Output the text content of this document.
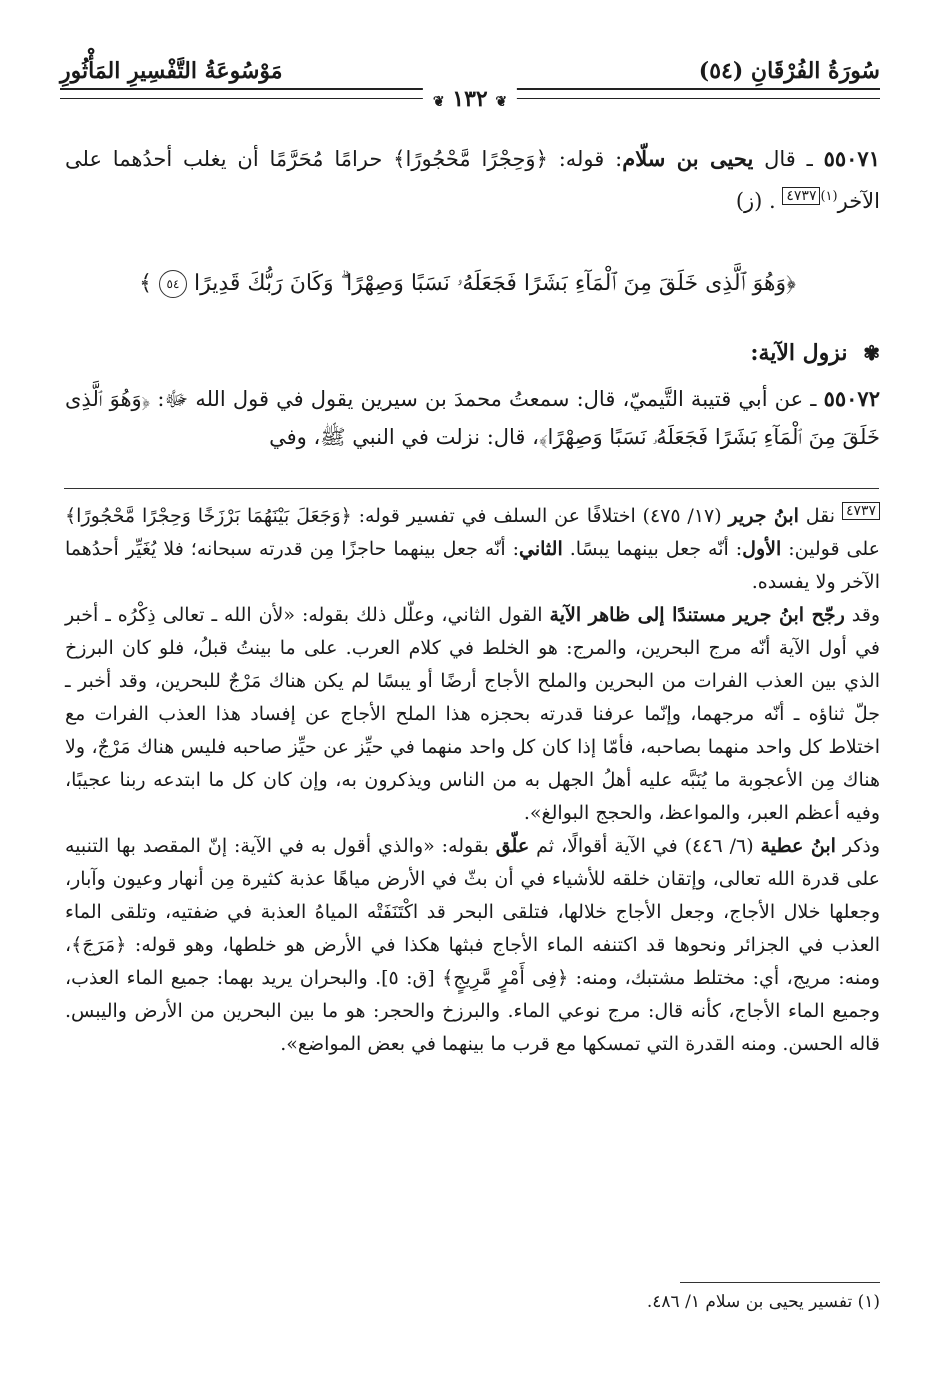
سُورَةُ الفُرْقَانِ (٥٤)
مَوْسُوعَةُ التَّفْسِيرِ المَأْثُورِ
❦ ١٣٢ ❦

٥٥٠٧١ ـ قال يحيى بن سلّام: قوله: ﴿وَحِجْرًا مَّحْجُورًا﴾ حرامًا مُحَرَّمًا أن يغلب أحدُهما على الآخر$^{(١)}$٤٧٣٧ . (ز)

﴿وَهُوَ ٱلَّذِى خَلَقَ مِنَ ٱلْمَآءِ بَشَرًا فَجَعَلَهُۥ نَسَبًا وَصِهْرًا ۗ وَكَانَ رَبُّكَ قَدِيرًا ٥٤ ﴾
✾ نزول الآية:

٥٥٠٧٢ ـ عن أبي قتيبة التَّيميّ، قال: سمعتُ محمدَ بن سيرين يقول في قول الله ﷻ: ﴿وَهُوَ ٱلَّذِى خَلَقَ مِنَ ٱلْمَآءِ بَشَرًا فَجَعَلَهُۥ نَسَبًا وَصِهْرًا﴾، قال: نزلت في النبي ﷺ، وفي

٤٧٣٧ نقل ابنُ جرير (١٧/ ٤٧٥) اختلافًا عن السلف في تفسير قوله: ﴿وَجَعَلَ بَيْنَهُمَا بَرْزَخًا وَحِجْرًا مَّحْجُورًا﴾ على قولين: الأول: أنّه جعل بينهما يبسًا. الثاني: أنّه جعل بينهما حاجزًا مِن قدرته سبحانه؛ فلا يُغَيِّر أحدُهما الآخر ولا يفسده.

وقد رجّح ابنُ جرير مستندًا إلى ظاهر الآية القول الثاني، وعلّل ذلك بقوله: «لأن الله ـ تعالى ذِكْرُه ـ أخبر في أول الآية أنّه مرج البحرين، والمرج: هو الخلط في كلام العرب. على ما بينتُ قبلُ، فلو كان البرزخ الذي بين العذب الفرات من البحرين والملح الأجاج أرضًا أو يبسًا لم يكن هناك مَرْجٌ للبحرين، وقد أخبر ـ جلّ ثناؤه ـ أنّه مرجهما، وإنّما عرفنا قدرته بحجزه هذا الملح الأجاج عن إفساد هذا العذب الفرات مع اختلاط كل واحد منهما بصاحبه، فأمّا إذا كان كل واحد منهما في حيِّز عن حيِّز صاحبه فليس هناك مَرْجٌ، ولا هناك مِن الأعجوبة ما يُنَبَّه عليه أهلُ الجهل به من الناس ويذكرون به، وإن كان كل ما ابتدعه ربنا عجيبًا، وفيه أعظم العبر، والمواعظ، والحجج البوالغ».

وذكر ابنُ عطية (٦/ ٤٤٦) في الآية أقوالًا، ثم علّق بقوله: «والذي أقول به في الآية: إنّ المقصد بها التنبيه على قدرة الله تعالى، وإتقان خلقه للأشياء في أن بثّ في الأرض مياهًا عذبة كثيرة مِن أنهار وعيون وآبار، وجعلها خلال الأجاج، وجعل الأجاج خلالها، فتلقى البحر قد اكْتَنَفَتْه المياهُ العذبة في ضفتيه، وتلقى الماء العذب في الجزائر ونحوها قد اكتنفه الماء الأجاج فبثها هكذا في الأرض هو خلطها، وهو قوله: ﴿مَرَجَ﴾، ومنه: مريج، أي: مختلط مشتبك، ومنه: ﴿فِى أَمْرٍ مَّرِيجٍ﴾ [ق: ٥]. والبحران يريد بهما: جميع الماء العذب، وجميع الماء الأجاج، كأنه قال: مرج نوعي الماء. والبرزخ والحجر: هو ما بين البحرين من الأرض واليبس. قاله الحسن. ومنه القدرة التي تمسكها مع قرب ما بينهما في بعض المواضع».

(١) تفسير يحيى بن سلام ١/ ٤٨٦.
